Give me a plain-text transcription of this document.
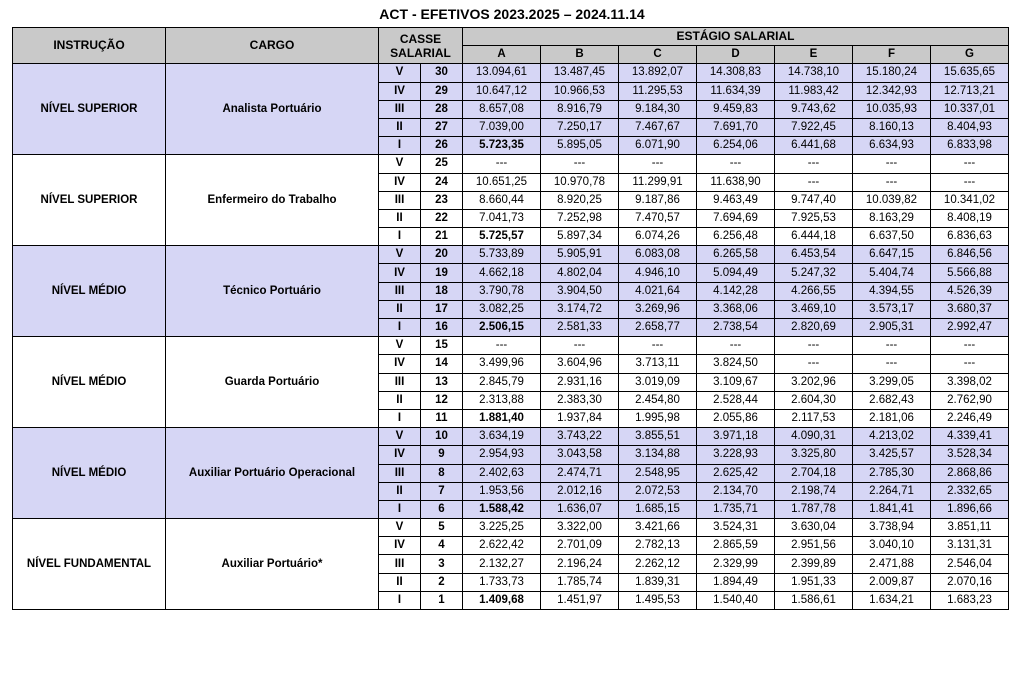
ACT - EFETIVOS 2023.2025 – 2024.11.14
INSTRUÇÃO	CARGO	CASSE SALARIAL		ESTÁGIO SALARIAL						
				A	B	C	D	E	F	G
NÍVEL SUPERIOR	Analista Portuário	V	30	13.094,61	13.487,45	13.892,07	14.308,83	14.738,10	15.180,24	15.635,65
		IV	29	10.647,12	10.966,53	11.295,53	11.634,39	11.983,42	12.342,93	12.713,21
		III	28	8.657,08	8.916,79	9.184,30	9.459,83	9.743,62	10.035,93	10.337,01
		II	27	7.039,00	7.250,17	7.467,67	7.691,70	7.922,45	8.160,13	8.404,93
		I	26	5.723,35	5.895,05	6.071,90	6.254,06	6.441,68	6.634,93	6.833,98
NÍVEL SUPERIOR	Enfermeiro do Trabalho	V	25	---	---	---	---	---	---	---
		IV	24	10.651,25	10.970,78	11.299,91	11.638,90	---	---	---
		III	23	8.660,44	8.920,25	9.187,86	9.463,49	9.747,40	10.039,82	10.341,02
		II	22	7.041,73	7.252,98	7.470,57	7.694,69	7.925,53	8.163,29	8.408,19
		I	21	5.725,57	5.897,34	6.074,26	6.256,48	6.444,18	6.637,50	6.836,63
NÍVEL MÉDIO	Técnico Portuário	V	20	5.733,89	5.905,91	6.083,08	6.265,58	6.453,54	6.647,15	6.846,56
		IV	19	4.662,18	4.802,04	4.946,10	5.094,49	5.247,32	5.404,74	5.566,88
		III	18	3.790,78	3.904,50	4.021,64	4.142,28	4.266,55	4.394,55	4.526,39
		II	17	3.082,25	3.174,72	3.269,96	3.368,06	3.469,10	3.573,17	3.680,37
		I	16	2.506,15	2.581,33	2.658,77	2.738,54	2.820,69	2.905,31	2.992,47
NÍVEL MÉDIO	Guarda Portuário	V	15	---	---	---	---	---	---	---
		IV	14	3.499,96	3.604,96	3.713,11	3.824,50	---	---	---
		III	13	2.845,79	2.931,16	3.019,09	3.109,67	3.202,96	3.299,05	3.398,02
		II	12	2.313,88	2.383,30	2.454,80	2.528,44	2.604,30	2.682,43	2.762,90
		I	11	1.881,40	1.937,84	1.995,98	2.055,86	2.117,53	2.181,06	2.246,49
NÍVEL MÉDIO	Auxiliar Portuário Operacional	V	10	3.634,19	3.743,22	3.855,51	3.971,18	4.090,31	4.213,02	4.339,41
		IV	9	2.954,93	3.043,58	3.134,88	3.228,93	3.325,80	3.425,57	3.528,34
		III	8	2.402,63	2.474,71	2.548,95	2.625,42	2.704,18	2.785,30	2.868,86
		II	7	1.953,56	2.012,16	2.072,53	2.134,70	2.198,74	2.264,71	2.332,65
		I	6	1.588,42	1.636,07	1.685,15	1.735,71	1.787,78	1.841,41	1.896,66
NÍVEL FUNDAMENTAL	Auxiliar Portuário*	V	5	3.225,25	3.322,00	3.421,66	3.524,31	3.630,04	3.738,94	3.851,11
		IV	4	2.622,42	2.701,09	2.782,13	2.865,59	2.951,56	3.040,10	3.131,31
		III	3	2.132,27	2.196,24	2.262,12	2.329,99	2.399,89	2.471,88	2.546,04
		II	2	1.733,73	1.785,74	1.839,31	1.894,49	1.951,33	2.009,87	2.070,16
		I	1	1.409,68	1.451,97	1.495,53	1.540,40	1.586,61	1.634,21	1.683,23
